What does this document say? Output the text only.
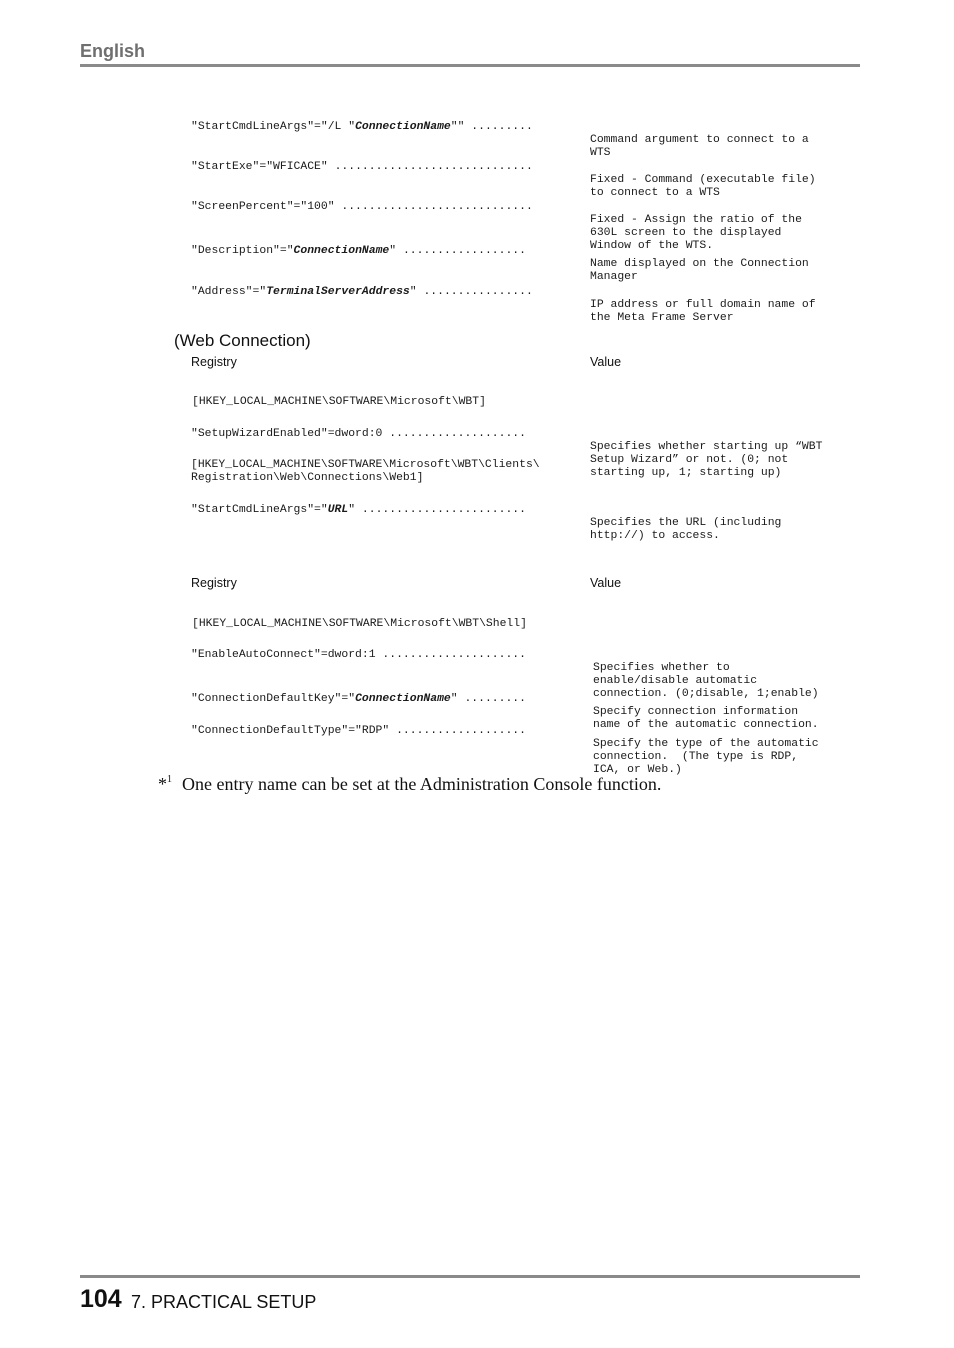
English

"StartCmdLineArgs"="/L "ConnectionName"" .........

Command argument to connect to a
WTS

"StartExe"="WFICACE" .............................

Fixed - Command (executable file)
to connect to a WTS

"ScreenPercent"="100" ............................

Fixed - Assign the ratio of the
630L screen to the displayed
Window of the WTS.

"Description"="ConnectionName" ..................

Name displayed on the Connection
Manager

"Address"="TerminalServerAddress" ................

IP address or full domain name of
the Meta Frame Server

(Web Connection)
Registry	Value

[HKEY_LOCAL_MACHINE\SOFTWARE\Microsoft\WBT]

"SetupWizardEnabled"=dword:0 ....................

Specifies whether starting up “WBT
Setup Wizard” or not. (0; not
starting up, 1; starting up)

[HKEY_LOCAL_MACHINE\SOFTWARE\Microsoft\WBT\Clients\
Registration\Web\Connections\Web1]

"StartCmdLineArgs"="URL" ........................

Specifies the URL (including
http://) to access.

Registry	Value

[HKEY_LOCAL_MACHINE\SOFTWARE\Microsoft\WBT\Shell]

"EnableAutoConnect"=dword:1 .....................

Specifies whether to
enable/disable automatic
connection. (0;disable, 1;enable)

"ConnectionDefaultKey"="ConnectionName" .........

Specify connection information
name of the automatic connection.

"ConnectionDefaultType"="RDP" ...................

Specify the type of the automatic
connection.  (The type is RDP,
ICA, or Web.)

*$^1$ One entry name can be set at the Administration Console function.
104 7. PRACTICAL SETUP
